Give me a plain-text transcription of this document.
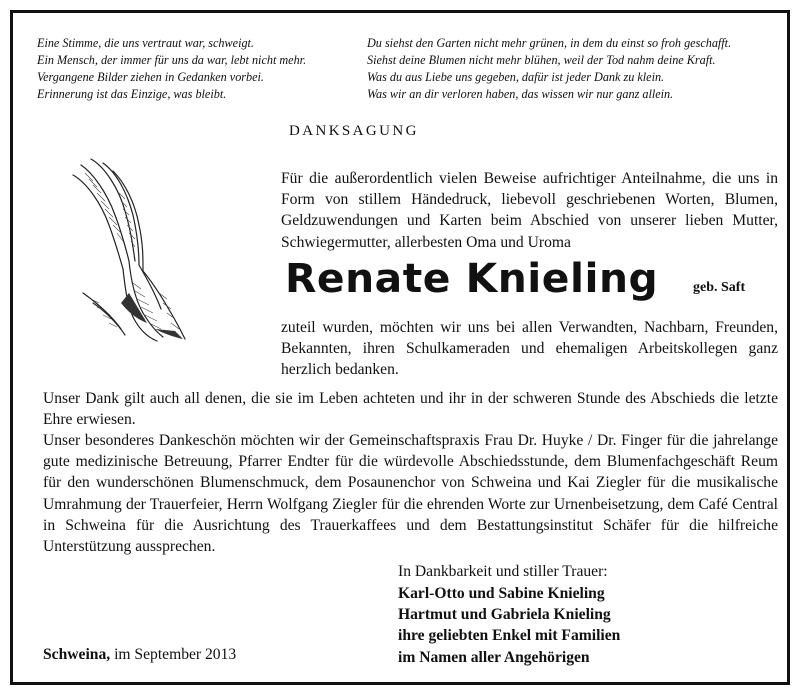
Eine Stimme, die uns vertraut war, schweigt.
Ein Mensch, der immer für uns da war, lebt nicht mehr.
Vergangene Bilder ziehen in Gedanken vorbei.
Erinnerung ist das Einzige, was bleibt.
Du siehst den Garten nicht mehr grünen, in dem du einst so froh geschafft.
Siehst deine Blumen nicht mehr blühen, weil der Tod nahm deine Kraft.
Was du aus Liebe uns gegeben, dafür ist jeder Dank zu klein.
Was wir an dir verloren haben, das wissen wir nur ganz allein.
DANKSAGUNG
Für die außerordentlich vielen Beweise aufrichtiger Anteilnahme, die uns in Form von stillem Händedruck, liebevoll geschriebenen Worten, Blumen, Geldzuwendungen und Karten beim Abschied von unserer lieben Mutter, Schwiegermutter, allerbesten Oma und Uroma
Renate Knieling geb. Saft
zuteil wurden, möchten wir uns bei allen Verwandten, Nachbarn, Freunden, Bekannten, ihren Schulkameraden und ehemaligen Arbeitskollegen ganz herzlich bedanken.
Unser Dank gilt auch all denen, die sie im Leben achteten und ihr in der schweren Stunde des Abschieds die letzte Ehre erwiesen.
Unser besonderes Dankeschön möchten wir der Gemeinschaftspraxis Frau Dr. Huyke / Dr. Finger für die jahrelange gute medizinische Betreuung, Pfarrer Endter für die würdevolle Abschiedsstunde, dem Blumenfachgeschäft Reum für den wunderschönen Blumenschmuck, dem Posaunenchor von Schweina und Kai Ziegler für die musikalische Umrahmung der Trauerfeier, Herrn Wolfgang Ziegler für die ehrenden Worte zur Urnenbeisetzung, dem Café Central in Schweina für die Ausrichtung des Trauerkaffees und dem Bestattungsinstitut Schäfer für die hilfreiche Unterstützung aussprechen.
In Dankbarkeit und stiller Trauer:
Karl-Otto und Sabine Knieling
Hartmut und Gabriela Knieling
ihre geliebten Enkel mit Familien
im Namen aller Angehörigen
Schweina, im September 2013
